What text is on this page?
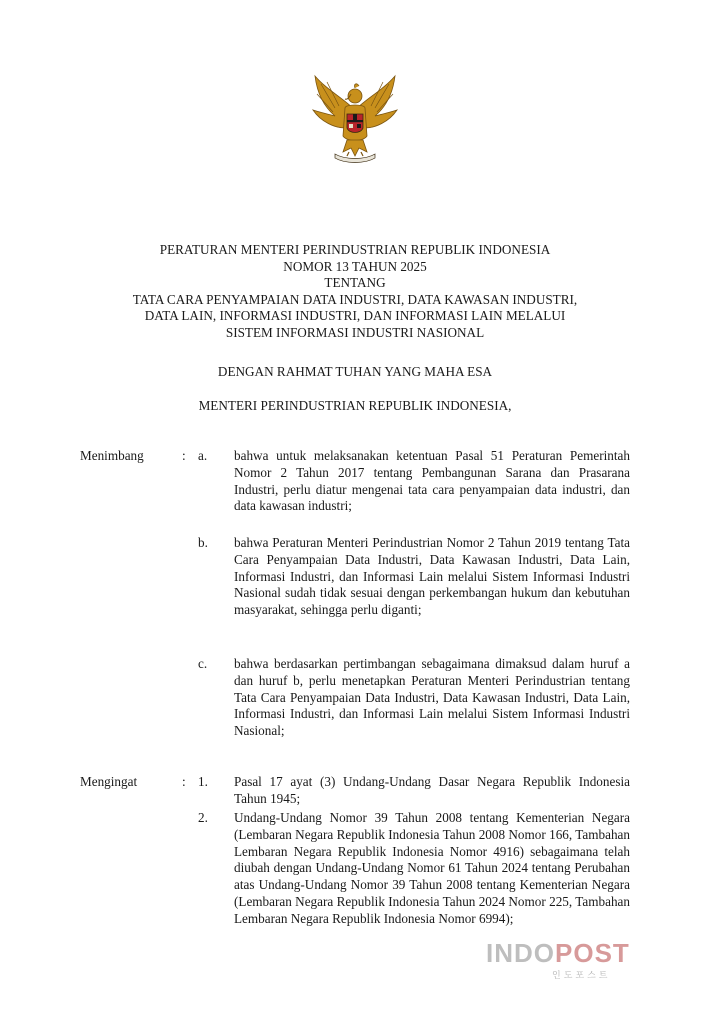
PERATURAN MENTERI PERINDUSTRIAN REPUBLIK INDONESIA
NOMOR 13 TAHUN 2025
TENTANG
TATA CARA PENYAMPAIAN DATA INDUSTRI, DATA KAWASAN INDUSTRI,
DATA LAIN, INFORMASI INDUSTRI, DAN INFORMASI LAIN MELALUI
SISTEM INFORMASI INDUSTRI NASIONAL
DENGAN RAHMAT TUHAN YANG MAHA ESA
MENTERI PERINDUSTRIAN REPUBLIK INDONESIA,
Menimbang	: a. bahwa untuk melaksanakan ketentuan Pasal 51 Peraturan Pemerintah Nomor 2 Tahun 2017 tentang Pembangunan Sarana dan Prasarana Industri, perlu diatur mengenai tata cara penyampaian data industri, dan data kawasan industri;
b. bahwa Peraturan Menteri Perindustrian Nomor 2 Tahun 2019 tentang Tata Cara Penyampaian Data Industri, Data Kawasan Industri, Data Lain, Informasi Industri, dan Informasi Lain melalui Sistem Informasi Industri Nasional sudah tidak sesuai dengan perkembangan hukum dan kebutuhan masyarakat, sehingga perlu diganti;
c. bahwa berdasarkan pertimbangan sebagaimana dimaksud dalam huruf a dan huruf b, perlu menetapkan Peraturan Menteri Perindustrian tentang Tata Cara Penyampaian Data Industri, Data Kawasan Industri, Data Lain, Informasi Industri, dan Informasi Lain melalui Sistem Informasi Industri Nasional;
Mengingat	: 1. Pasal 17 ayat (3) Undang-Undang Dasar Negara Republik Indonesia Tahun 1945;
2. Undang-Undang Nomor 39 Tahun 2008 tentang Kementerian Negara (Lembaran Negara Republik Indonesia Tahun 2008 Nomor 166, Tambahan Lembaran Negara Republik Indonesia Nomor 4916) sebagaimana telah diubah dengan Undang-Undang Nomor 61 Tahun 2024 tentang Perubahan atas Undang-Undang Nomor 39 Tahun 2008 tentang Kementerian Negara (Lembaran Negara Republik Indonesia Tahun 2024 Nomor 225, Tambahan Lembaran Negara Republik Indonesia Nomor 6994);
INDOPOST
인도포스트
